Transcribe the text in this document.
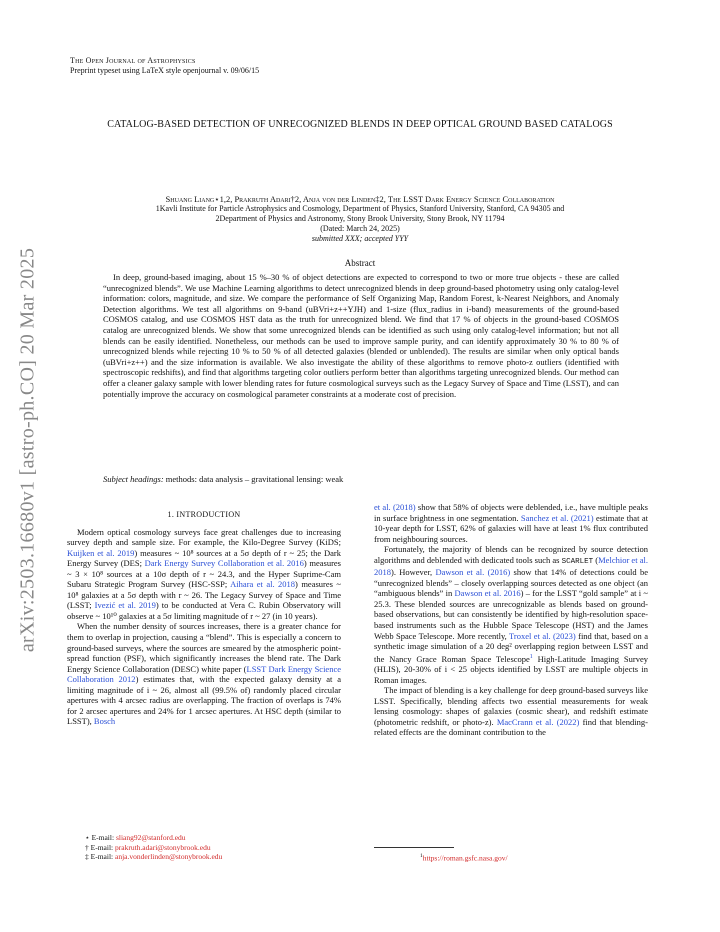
arXiv:2503.16680v1 [astro-ph.CO] 20 Mar 2025
The Open Journal of Astrophysics
Preprint typeset using LaTeX style openjournal v. 09/06/15
CATALOG-BASED DETECTION OF UNRECOGNIZED BLENDS IN DEEP OPTICAL GROUND BASED CATALOGS
Shuang Liang⋆1,2, Prakruth Adari†2, Anja von der Linden‡2, The LSST Dark Energy Science Collaboration
1Kavli Institute for Particle Astrophysics and Cosmology, Department of Physics, Stanford University, Stanford, CA 94305 and
2Department of Physics and Astronomy, Stony Brook University, Stony Brook, NY 11794
(Dated: March 24, 2025)
submitted XXX; accepted YYY
Abstract
In deep, ground-based imaging, about 15 %–30 % of object detections are expected to correspond to two or more true objects - these are called “unrecognized blends”. We use Machine Learning algorithms to detect unrecognized blends in deep ground-based photometry using only catalog-level information: colors, magnitude, and size. We compare the performance of Self Organizing Map, Random Forest, k-Nearest Neighbors, and Anomaly Detection algorithms. We test all algorithms on 9-band (uBVri+z++YJH) and 1-size (flux_radius in i-band) measurements of the ground-based COSMOS catalog, and use COSMOS HST data as the truth for unrecognized blend. We find that 17 % of objects in the ground-based COSMOS catalog are unrecognized blends. We show that some unrecognized blends can be identified as such using only catalog-level information; but not all blends can be easily identified. Nonetheless, our methods can be used to improve sample purity, and can identify approximately 30 % to 80 % of unrecognized blends while rejecting 10 % to 50 % of all detected galaxies (blended or unblended). The results are similar when only optical bands (uBVri+z++) and the size information is available. We also investigate the ability of these algorithms to remove photo-z outliers (identified with spectroscopic redshifts), and find that algorithms targeting color outliers perform better than algorithms targeting unrecognized blends. Our method can offer a cleaner galaxy sample with lower blending rates for future cosmological surveys such as the Legacy Survey of Space and Time (LSST), and can potentially improve the accuracy on cosmological parameter constraints at a moderate cost of precision.
Subject headings: methods: data analysis – gravitational lensing: weak
1. INTRODUCTION

Modern optical cosmology surveys face great challenges due to increasing survey depth and sample size. For example, the Kilo-Degree Survey (KiDS; Kuijken et al. 2019) measures ~ 10⁸ sources at a 5σ depth of r ~ 25; the Dark Energy Survey (DES; Dark Energy Survey Collaboration et al. 2016) measures ~ 3 × 10⁸ sources at a 10σ depth of r ~ 24.3, and the Hyper Suprime-Cam Subaru Strategic Program Survey (HSC-SSP; Aihara et al. 2018) measures ~ 10⁸ galaxies at a 5σ depth with r ~ 26. The Legacy Survey of Space and Time (LSST; Ivezić et al. 2019) to be conducted at Vera C. Rubin Observatory will observe ~ 10¹⁰ galaxies at a 5σ limiting magnitude of r ~ 27 (in 10 years).

When the number density of sources increases, there is a greater chance for them to overlap in projection, causing a “blend”. This is especially a concern to ground-based surveys, where the sources are smeared by the atmospheric point-spread function (PSF), which significantly increases the blend rate. The Dark Energy Science Collaboration (DESC) white paper (LSST Dark Energy Science Collaboration 2012) estimates that, with the expected galaxy density at a limiting magnitude of i ~ 26, almost all (99.5% of) randomly placed circular apertures with 4 arcsec radius are overlapping. The fraction of overlaps is 74% for 2 arcsec apertures and 24% for 1 arcsec apertures. At HSC depth (similar to LSST), Bosch

et al. (2018) show that 58% of objects were deblended, i.e., have multiple peaks in surface brightness in one segmentation. Sanchez et al. (2021) estimate that at 10-year depth for LSST, 62% of galaxies will have at least 1% flux contributed from neighbouring sources.

Fortunately, the majority of blends can be recognized by source detection algorithms and deblended with dedicated tools such as SCARLET (Melchior et al. 2018). However, Dawson et al. (2016) show that 14% of detections could be “unrecognized blends” – closely overlapping sources detected as one object (an “ambiguous blends” in Dawson et al. 2016) – for the LSST “gold sample” at i ~ 25.3. These blended sources are unrecognizable as blends based on ground-based observations, but can consistently be identified by high-resolution space-based instruments such as the Hubble Space Telescope (HST) and the James Webb Space Telescope. More recently, Troxel et al. (2023) find that, based on a synthetic image simulation of a 20 deg² overlapping region between LSST and the Nancy Grace Roman Space Telescope$^1$ High-Latitude Imaging Survey (HLIS), 20-30% of i < 25 objects identified by LSST are multiple objects in Roman images.

The impact of blending is a key challenge for deep ground-based surveys like LSST. Specifically, blending affects two essential measurements for weak lensing cosmology: shapes of galaxies (cosmic shear), and redshift estimate (photometric redshift, or photo-z). MacCrann et al. (2022) find that blending-related effects are the dominant contribution to the

⋆ E-mail: sliang92@stanford.edu
† E-mail: prakruth.adari@stonybrook.edu
‡ E-mail: anja.vonderlinden@stonybrook.edu	$^1$https://roman.gsfc.nasa.gov/
